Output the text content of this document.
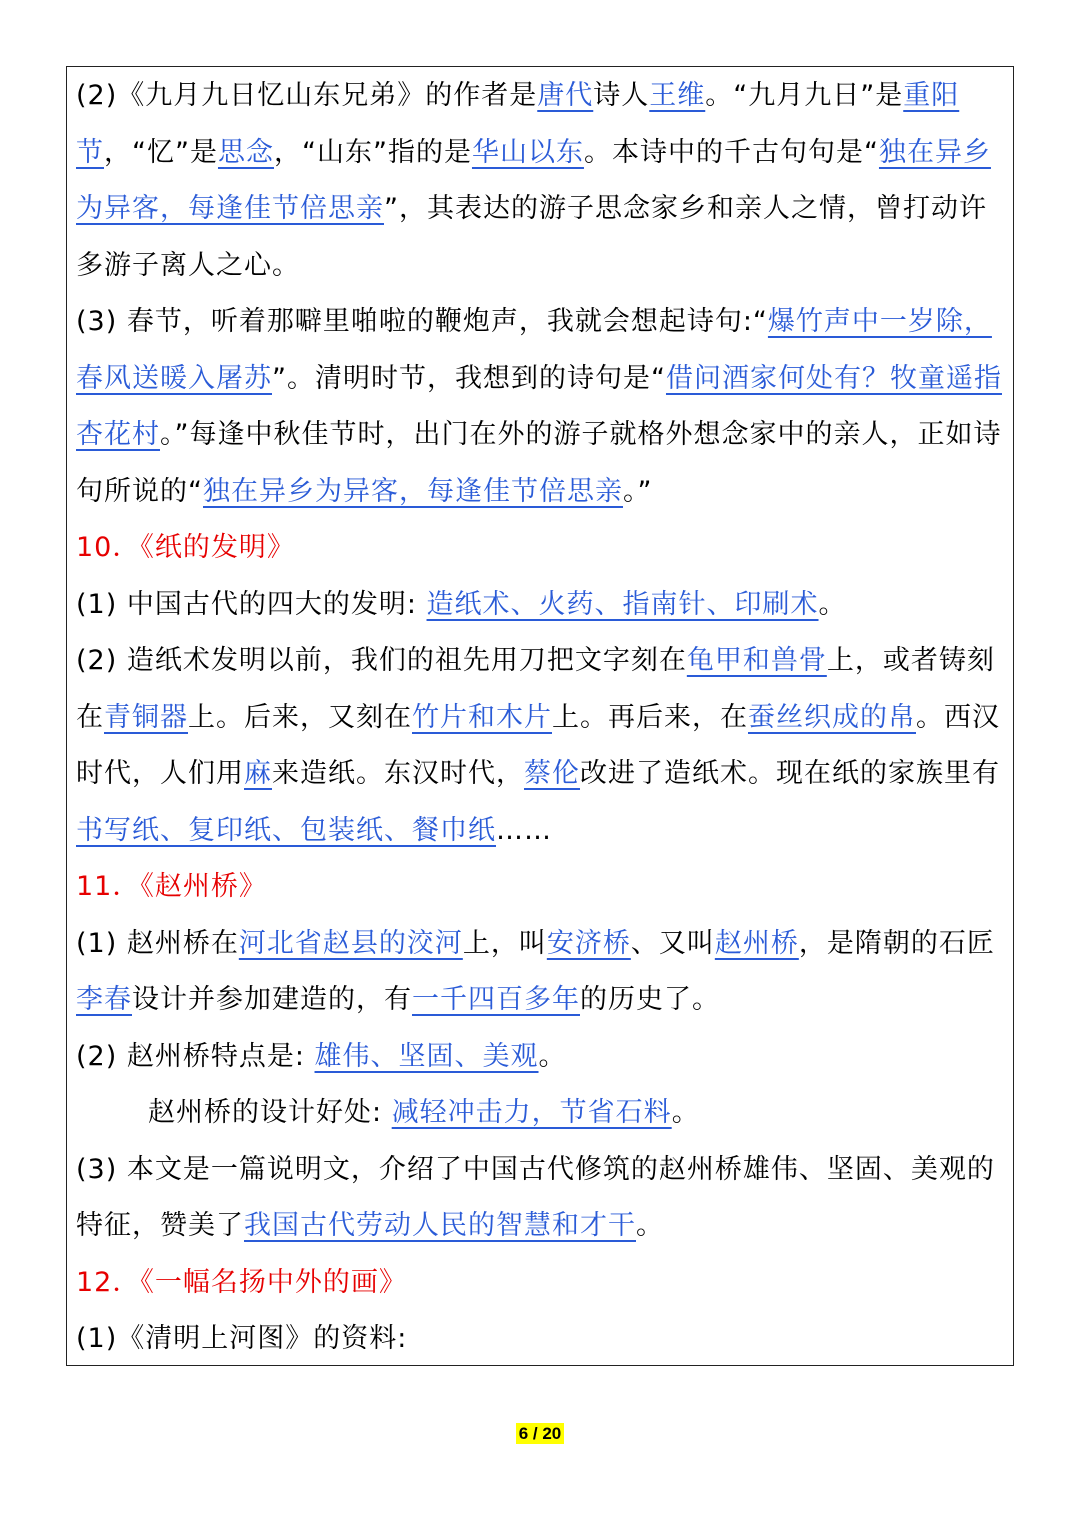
(2)《九月九日忆山东兄弟》的作者是唐代诗人王维。“九月九日”是重阳节，“忆”是思念，“山东”指的是华山以东。本诗中的千古句句是“独在异乡为异客，每逢佳节倍思亲”，其表达的游子思念家乡和亲人之情，曾打动许多游子离人之心。

(3) 春节，听着那噼里啪啦的鞭炮声，我就会想起诗句:“爆竹声中一岁除，春风送暖入屠苏”。清明时节，我想到的诗句是“借问酒家何处有？牧童遥指杏花村。”每逢中秋佳节时，出门在外的游子就格外想念家中的亲人，正如诗句所说的“独在异乡为异客，每逢佳节倍思亲。”

10．《纸的发明》

(1) 中国古代的四大的发明: 造纸术、火药、指南针、印刷术。

(2) 造纸术发明以前，我们的祖先用刀把文字刻在龟甲和兽骨上，或者铸刻在青铜器上。后来，又刻在竹片和木片上。再后来，在蚕丝织成的帛。西汉时代，人们用麻来造纸。东汉时代，蔡伦改进了造纸术。现在纸的家族里有书写纸、复印纸、包装纸、餐巾纸……

11．《赵州桥》

(1) 赵州桥在河北省赵县的洨河上，叫安济桥、又叫赵州桥，是隋朝的石匠李春设计并参加建造的，有一千四百多年的历史了。

(2) 赵州桥特点是: 雄伟、坚固、美观。

赵州桥的设计好处: 减轻冲击力，节省石料。

(3) 本文是一篇说明文，介绍了中国古代修筑的赵州桥雄伟、坚固、美观的特征，赞美了我国古代劳动人民的智慧和才干。

12．《一幅名扬中外的画》

(1)《清明上河图》的资料:

6 / 20
